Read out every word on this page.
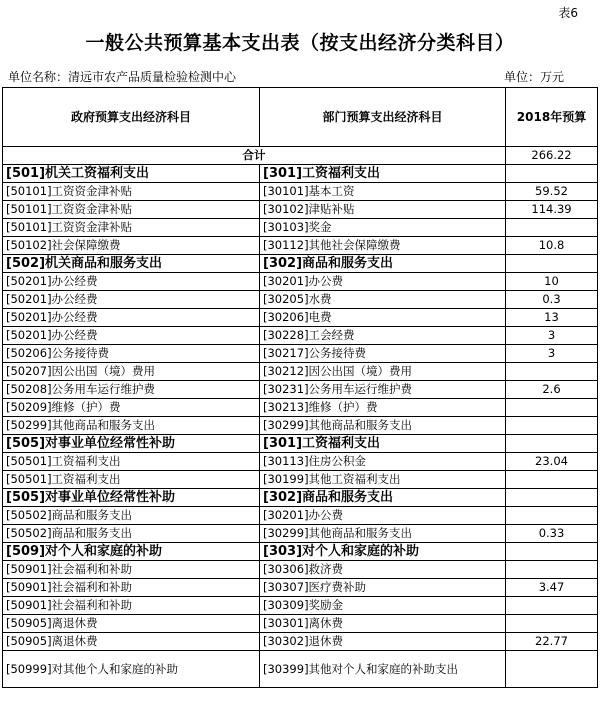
表6
一般公共预算基本支出表（按支出经济分类科目）
单位名称：清远市农产品质量检验检测中心	单位：万元
政府预算支出经济科目	部门预算支出经济科目	2018年预算
合计		266.22
[501]机关工资福利支出	[301]工资福利支出	
[50101]工资资金津补贴	[30101]基本工资	59.52
[50101]工资资金津补贴	[30102]津贴补贴	114.39
[50101]工资资金津补贴	[30103]奖金	
[50102]社会保障缴费	[30112]其他社会保障缴费	10.8
[502]机关商品和服务支出	[302]商品和服务支出	
[50201]办公经费	[30201]办公费	10
[50201]办公经费	[30205]水费	0.3
[50201]办公经费	[30206]电费	13
[50201]办公经费	[30228]工会经费	3
[50206]公务接待费	[30217]公务接待费	3
[50207]因公出国（境）费用	[30212]因公出国（境）费用	
[50208]公务用车运行维护费	[30231]公务用车运行维护费	2.6
[50209]维修（护）费	[30213]维修（护）费	
[50299]其他商品和服务支出	[30299]其他商品和服务支出	
[505]对事业单位经常性补助	[301]工资福利支出	
[50501]工资福利支出	[30113]住房公积金	23.04
[50501]工资福利支出	[30199]其他工资福利支出	
[505]对事业单位经常性补助	[302]商品和服务支出	
[50502]商品和服务支出	[30201]办公费	
[50502]商品和服务支出	[30299]其他商品和服务支出	0.33
[509]对个人和家庭的补助	[303]对个人和家庭的补助	
[50901]社会福利和补助	[30306]救济费	
[50901]社会福利和补助	[30307]医疗费补助	3.47
[50901]社会福利和补助	[30309]奖励金	
[50905]离退休费	[30301]离休费	
[50905]离退休费	[30302]退休费	22.77
[50999]对其他个人和家庭的补助	[30399]其他对个人和家庭的补助支出	
